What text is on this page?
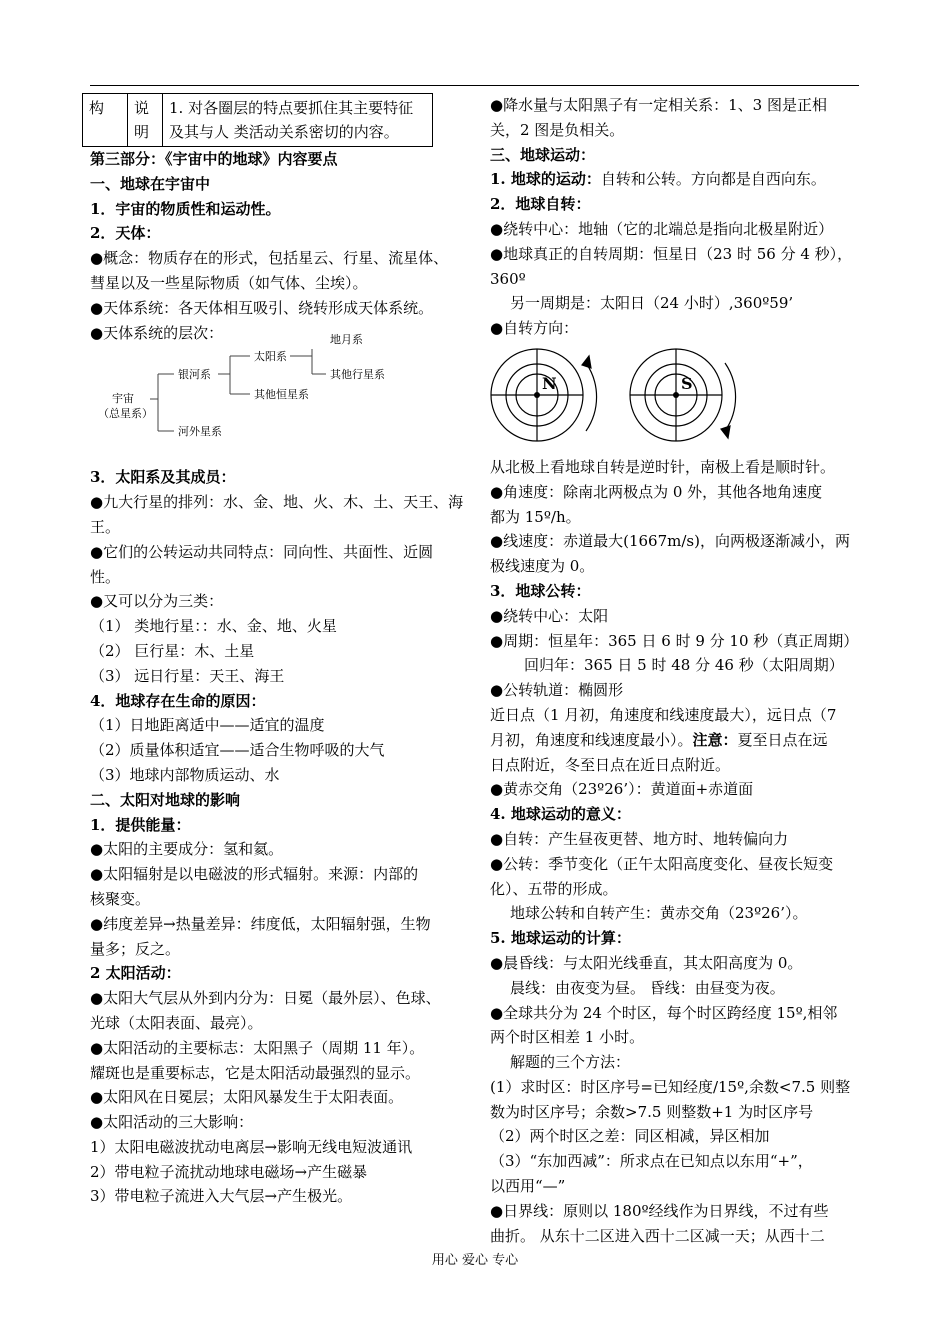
构	说明	1. 对各圈层的特点要抓住其主要特征及其与人 类活动关系密切的内容。
第三部分：《宇宙中的地球》内容要点
一、地球在宇宙中
1．宇宙的物质性和运动性。
2．天体：
●概念：物质存在的形式，包括星云、行星、流星体、
彗星以及一些星际物质（如气体、尘埃）。
●天体系统：各天体相互吸引、绕转形成天体系统。
●天体系统的层次：
宇宙
（总星系）
银河系
河外星系
太阳系
其他恒星系
地月系
其他行星系
3．太阳系及其成员：
●九大行星的排列：水、金、地、火、木、土、天王、海
王。
●它们的公转运动共同特点：同向性、共面性、近圆
性。
●又可以分为三类：
（1） 类地行星：：水、金、地、火星
（2） 巨行星：木、土星
（3） 远日行星：天王、海王
4．地球存在生命的原因：
（1）日地距离适中——适宜的温度
（2）质量体积适宜——适合生物呼吸的大气
（3）地球内部物质运动、水
二、太阳对地球的影响
1．提供能量：
●太阳的主要成分：氢和氦。
●太阳辐射是以电磁波的形式辐射。来源：内部的
核聚变。
●纬度差异→热量差异：纬度低，太阳辐射强，生物
量多；反之。
2 太阳活动：
●太阳大气层从外到内分为：日冕（最外层）、色球、
光球（太阳表面、最亮）。
●太阳活动的主要标志：太阳黑子（周期 11 年）。
耀斑也是重要标志，它是太阳活动最强烈的显示。
●太阳风在日冕层；太阳风暴发生于太阳表面。
●太阳活动的三大影响：
1）太阳电磁波扰动电离层→影响无线电短波通讯
2）带电粒子流扰动地球电磁场→产生磁暴
3）带电粒子流进入大气层→产生极光。
●降水量与太阳黑子有一定相关系：1、3 图是正相
关，2 图是负相关。
三、地球运动：
1. 地球的运动：自转和公转。方向都是自西向东。
2．地球自转：
●绕转中心：地轴（它的北端总是指向北极星附近）
●地球真正的自转周期：恒星日（23 时 56 分 4 秒），
360º
另一周期是：太阳日（24 小时）,360º59’
●自转方向：
N	S
从北极上看地球自转是逆时针，南极上看是顺时针。
●角速度：除南北两极点为 0 外，其他各地角速度
都为 15º/h。
●线速度：赤道最大(1667m/s)，向两极逐渐减小，两
极线速度为 0。
3．地球公转：
●绕转中心：太阳
●周期：恒星年：365 日 6 时 9 分 10 秒（真正周期）
回归年：365 日 5 时 48 分 46 秒（太阳周期）
●公转轨道：椭圆形
近日点（1 月初，角速度和线速度最大），远日点（7
月初，角速度和线速度最小）。注意：夏至日点在远
日点附近，冬至日点在近日点附近。
●黄赤交角（23º26’）：黄道面+赤道面
4. 地球运动的意义：
●自转：产生昼夜更替、地方时、地转偏向力
●公转：季节变化（正午太阳高度变化、昼夜长短变
化）、五带的形成。
地球公转和自转产生：黄赤交角（23º26’）。
5. 地球运动的计算：
●晨昏线：与太阳光线垂直，其太阳高度为 0。
晨线：由夜变为昼。 昏线：由昼变为夜。
●全球共分为 24 个时区，每个时区跨经度 15º,相邻
两个时区相差 1 小时。
解题的三个方法：
(1）求时区：时区序号=已知经度/15º,余数<7.5 则整
数为时区序号；余数>7.5 则整数+1 为时区序号
（2）两个时区之差：同区相减，异区相加
（3）“东加西减”：所求点在已知点以东用“+”，
以西用“—”
●日界线：原则以 180º经线作为日界线，不过有些
曲折。 从东十二区进入西十二区减一天；从西十二
用心 爱心 专心
